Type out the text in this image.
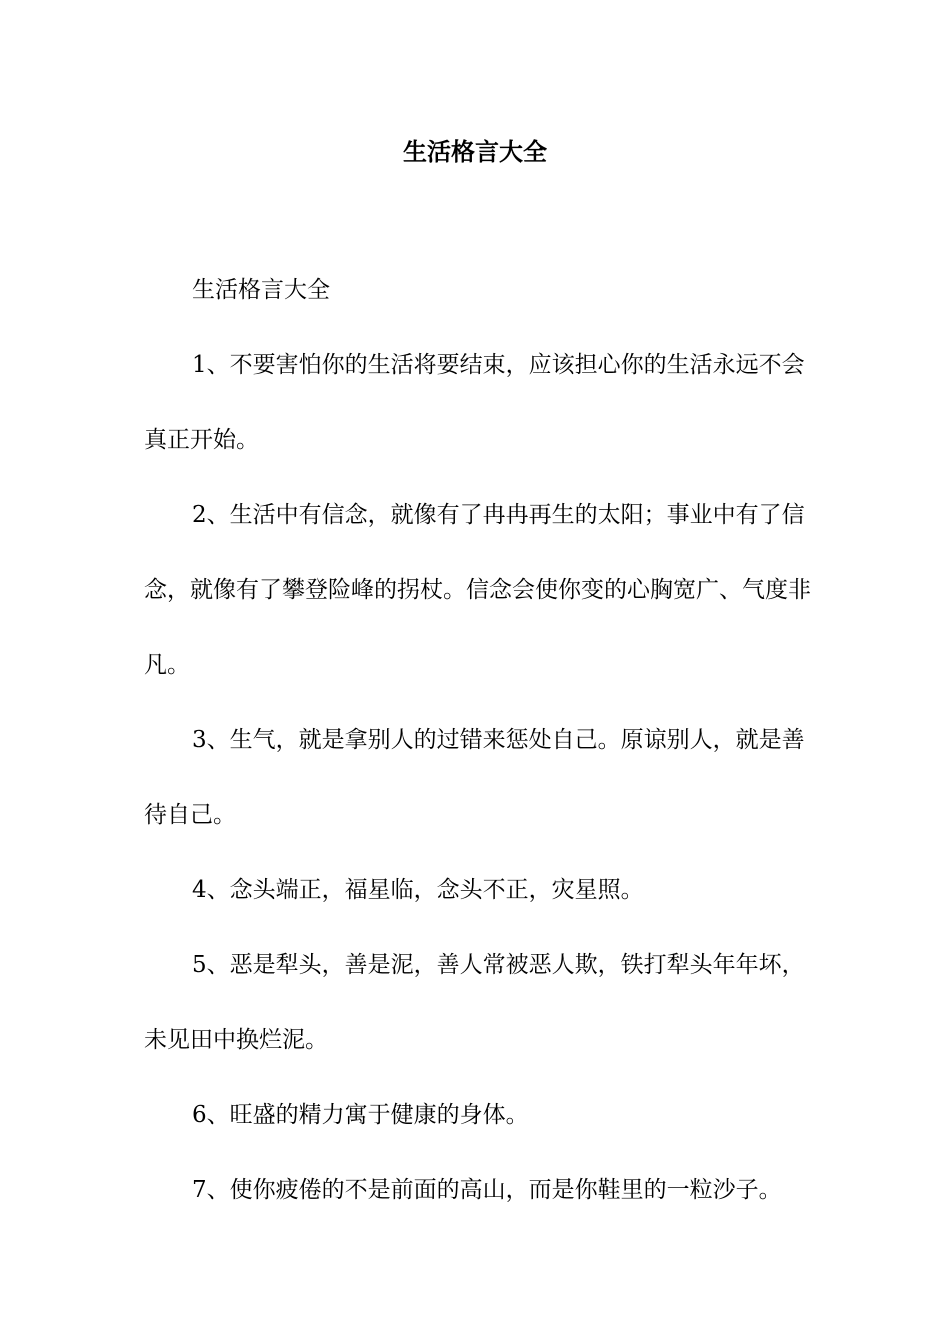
生活格言大全

生活格言大全

1、不要害怕你的生活将要结束，应该担心你的生活永远不会真正开始。

2、生活中有信念，就像有了冉冉再生的太阳；事业中有了信念，就像有了攀登险峰的拐杖。信念会使你变的心胸宽广、气度非凡。

3、生气，就是拿别人的过错来惩处自己。原谅别人，就是善待自己。

4、念头端正，福星临，念头不正，灾星照。

5、恶是犁头，善是泥，善人常被恶人欺，铁打犁头年年坏，未见田中换烂泥。

6、旺盛的精力寓于健康的身体。

7、使你疲倦的不是前面的高山，而是你鞋里的一粒沙子。
